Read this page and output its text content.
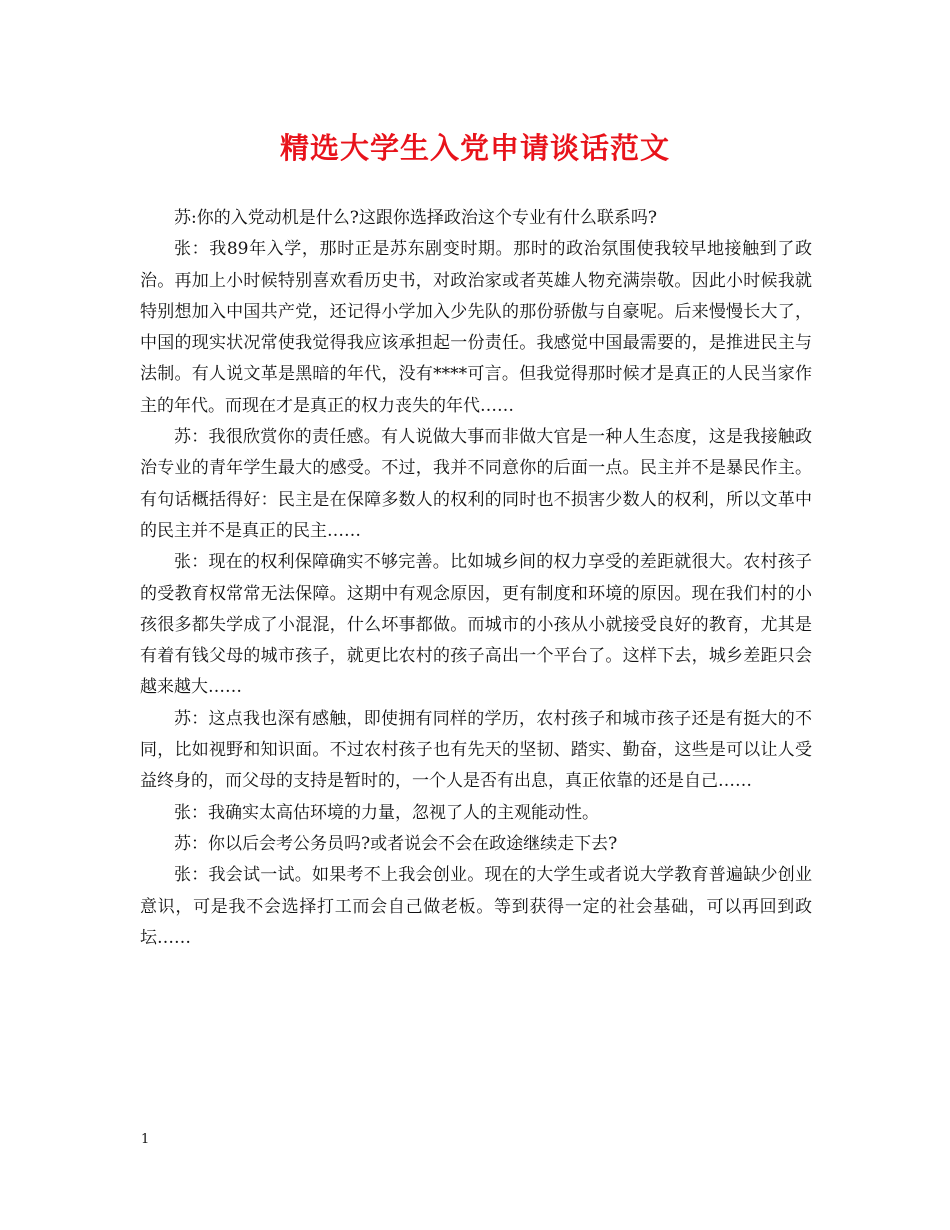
精选大学生入党申请谈话范文

苏:你的入党动机是什么?这跟你选择政治这个专业有什么联系吗?

张：我89年入学，那时正是苏东剧变时期。那时的政治氛围使我较早地接触到了政治。再加上小时候特别喜欢看历史书，对政治家或者英雄人物充满崇敬。因此小时候我就特别想加入中国共产党，还记得小学加入少先队的那份骄傲与自豪呢。后来慢慢长大了，中国的现实状况常使我觉得我应该承担起一份责任。我感觉中国最需要的，是推进民主与法制。有人说文革是黑暗的年代，没有****可言。但我觉得那时候才是真正的人民当家作主的年代。而现在才是真正的权力丧失的年代……

苏：我很欣赏你的责任感。有人说做大事而非做大官是一种人生态度，这是我接触政治专业的青年学生最大的感受。不过，我并不同意你的后面一点。民主并不是暴民作主。有句话概括得好：民主是在保障多数人的权利的同时也不损害少数人的权利，所以文革中的民主并不是真正的民主……

张：现在的权利保障确实不够完善。比如城乡间的权力享受的差距就很大。农村孩子的受教育权常常无法保障。这期中有观念原因，更有制度和环境的原因。现在我们村的小孩很多都失学成了小混混，什么坏事都做。而城市的小孩从小就接受良好的教育，尤其是有着有钱父母的城市孩子，就更比农村的孩子高出一个平台了。这样下去，城乡差距只会越来越大……

苏：这点我也深有感触，即使拥有同样的学历，农村孩子和城市孩子还是有挺大的不同，比如视野和知识面。不过农村孩子也有先天的坚韧、踏实、勤奋，这些是可以让人受益终身的，而父母的支持是暂时的，一个人是否有出息，真正依靠的还是自己……

张：我确实太高估环境的力量，忽视了人的主观能动性。

苏：你以后会考公务员吗?或者说会不会在政途继续走下去?

张：我会试一试。如果考不上我会创业。现在的大学生或者说大学教育普遍缺少创业意识，可是我不会选择打工而会自己做老板。等到获得一定的社会基础，可以再回到政坛……

1
